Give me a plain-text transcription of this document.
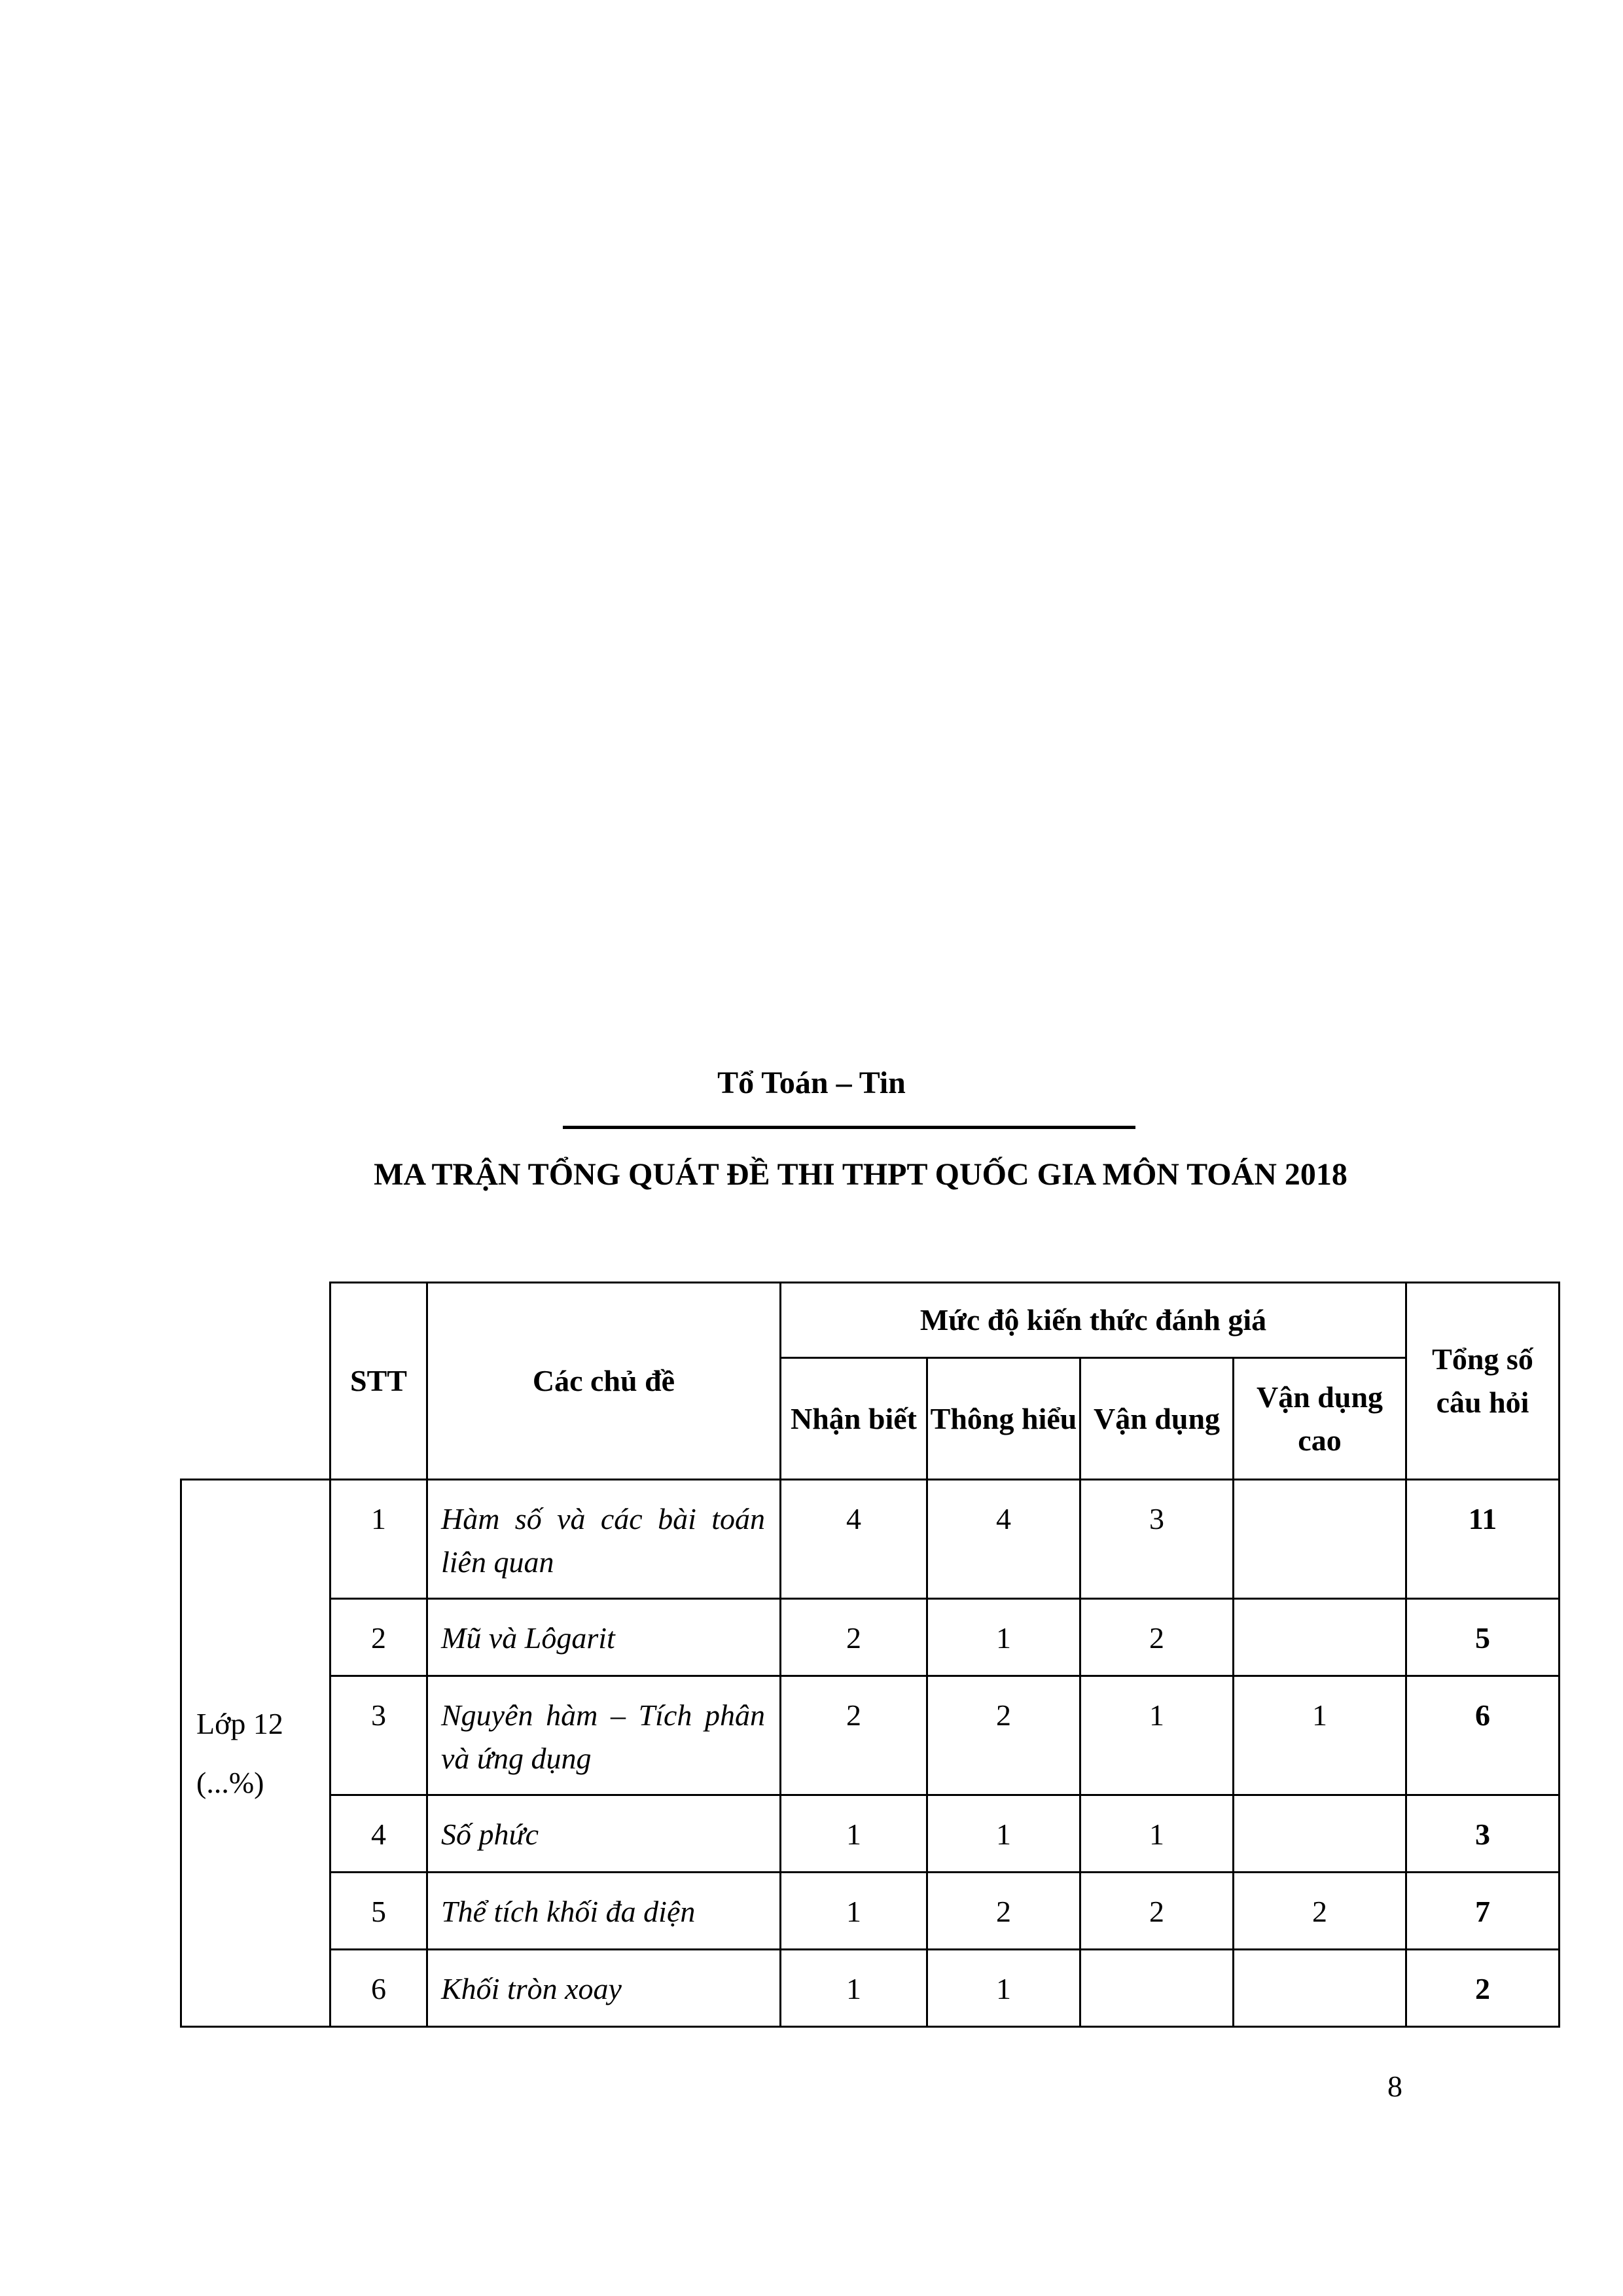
Tổ Toán – Tin
MA TRẬN TỔNG QUÁT ĐỀ THI THPT QUỐC GIA MÔN TOÁN 2018
	STT	Các chủ đề	Mức độ kiến thức đánh giá				Tổng số câu hỏi
			Nhận biết	Thông hiểu	Vận dụng	Vận dụng cao	

Lớp 12
(...%)	1	Hàm số và các bài toán liên quan	4	4	3		11
	2	Mũ và Lôgarit	2	1	2		5
	3	Nguyên hàm – Tích phân và ứng dụng	2	2	1	1	6
	4	Số phức	1	1	1		3
	5	Thể tích khối đa diện	1	2	2	2	7
	6	Khối tròn xoay	1	1			2
8
